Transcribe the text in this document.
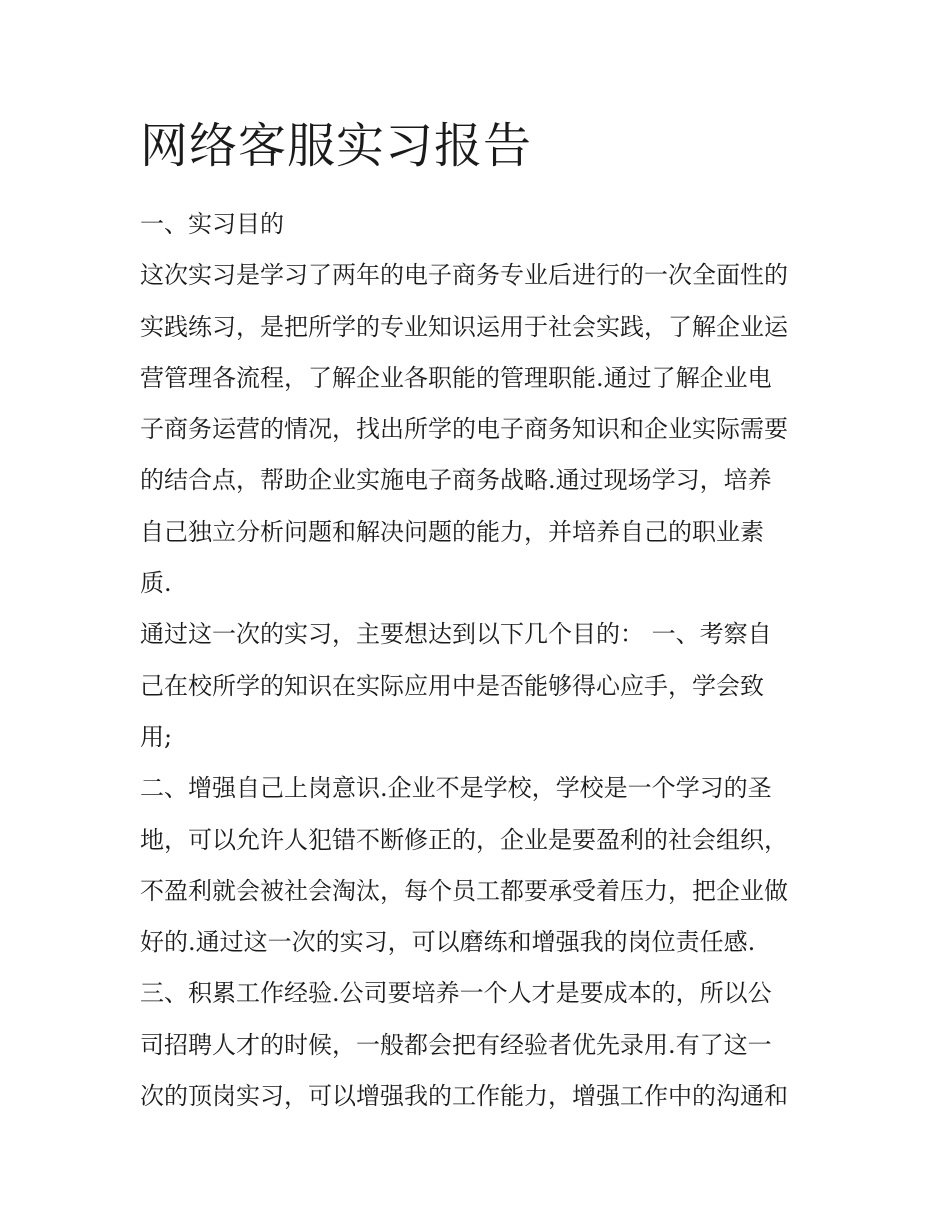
网络客服实习报告
一、实习目的
这次实习是学习了两年的电子商务专业后进行的一次全面性的
实践练习，是把所学的专业知识运用于社会实践，了解企业运
营管理各流程，了解企业各职能的管理职能.通过了解企业电
子商务运营的情况，找出所学的电子商务知识和企业实际需要
的结合点，帮助企业实施电子商务战略.通过现场学习，培养
自己独立分析问题和解决问题的能力，并培养自己的职业素
质.
通过这一次的实习，主要想达到以下几个目的： 一、考察自
己在校所学的知识在实际应用中是否能够得心应手，学会致
用;
二、增强自己上岗意识.企业不是学校，学校是一个学习的圣
地，可以允许人犯错不断修正的，企业是要盈利的社会组织，
不盈利就会被社会淘汰，每个员工都要承受着压力，把企业做
好的.通过这一次的实习，可以磨练和增强我的岗位责任感.
三、积累工作经验.公司要培养一个人才是要成本的，所以公
司招聘人才的时候，一般都会把有经验者优先录用.有了这一
次的顶岗实习，可以增强我的工作能力，增强工作中的沟通和
